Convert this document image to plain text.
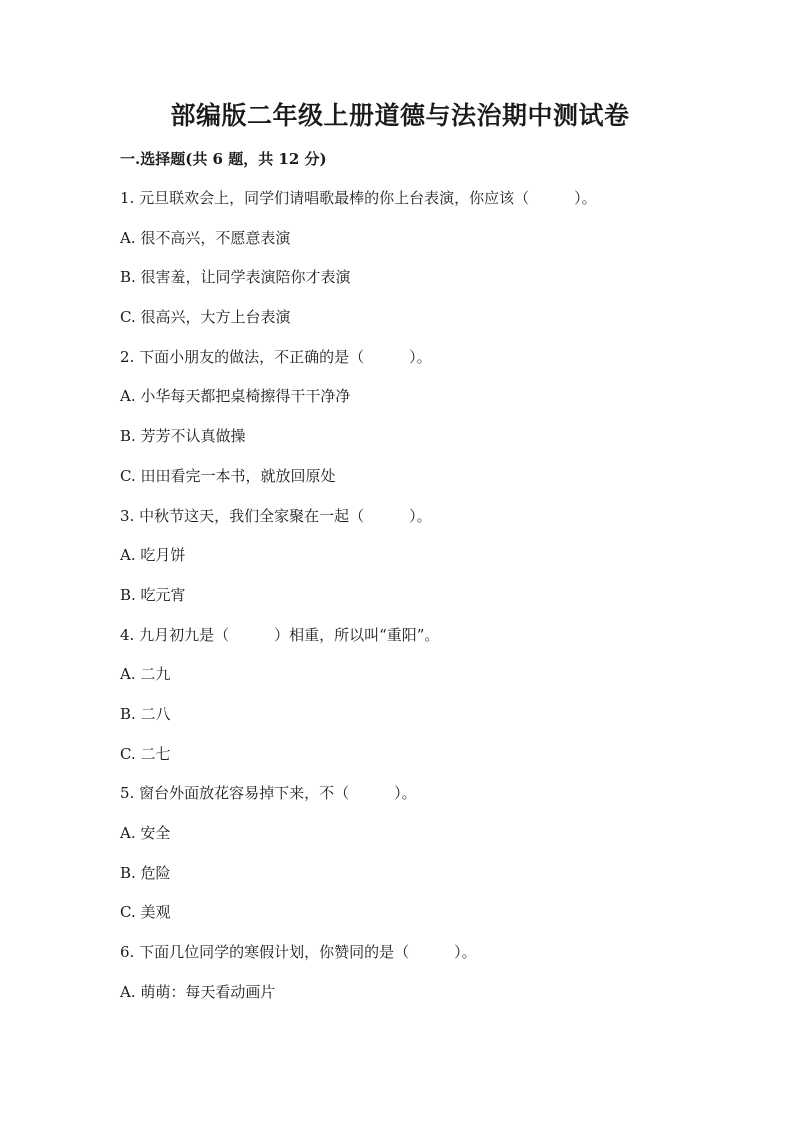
部编版二年级上册道德与法治期中测试卷
一.选择题(共 6 题，共 12 分)
1. 元旦联欢会上，同学们请唱歌最棒的你上台表演，你应该（　　　）。
A. 很不高兴，不愿意表演
B. 很害羞，让同学表演陪你才表演
C. 很高兴，大方上台表演
2. 下面小朋友的做法，不正确的是（　　　）。
A. 小华每天都把桌椅擦得干干净净
B. 芳芳不认真做操
C. 田田看完一本书，就放回原处
3. 中秋节这天，我们全家聚在一起（　　　）。
A. 吃月饼
B. 吃元宵
4. 九月初九是（　　　）相重，所以叫“重阳”。
A. 二九
B. 二八
C. 二七
5. 窗台外面放花容易掉下来，不（　　　）。
A. 安全
B. 危险
C. 美观
6. 下面几位同学的寒假计划，你赞同的是（　　　）。
A. 萌萌：每天看动画片
